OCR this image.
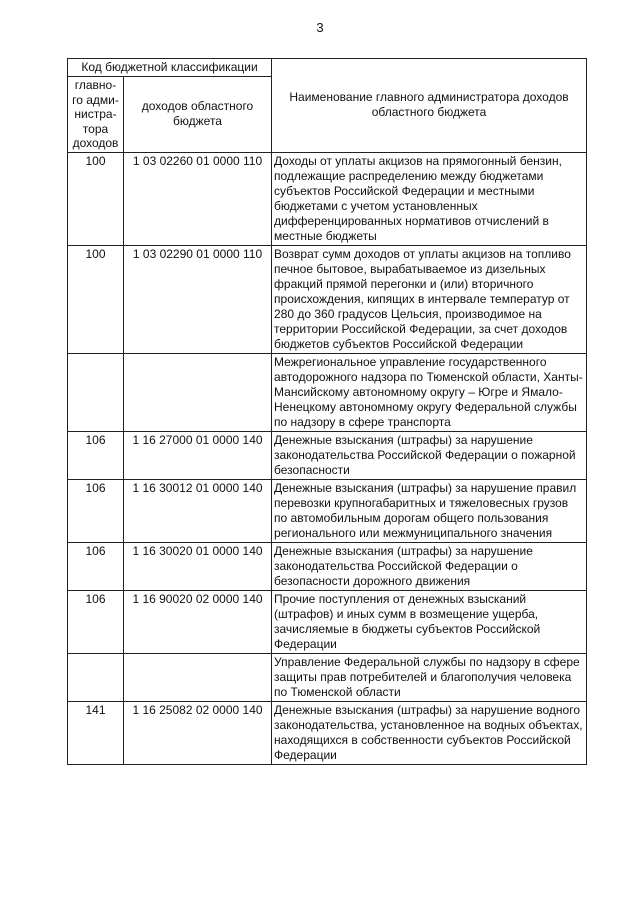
3
Код бюджетной классификации		Наименование главного администратора доходов областного бюджета
главно-
го адми-
нистра-
тора
доходов	доходов областного бюджета	
100	1 03 02260 01 0000 110	Доходы от уплаты акцизов на прямогонный бензин, подлежащие распределению между бюджетами субъектов Российской Федерации и местными бюджетами с учетом установленных дифференцированных нормативов отчислений в местные бюджеты
100	1 03 02290 01 0000 110	Возврат сумм доходов от уплаты акцизов на топливо печное бытовое, вырабатываемое из дизельных фракций прямой перегонки и (или) вторичного происхождения, кипящих в интервале температур от 280 до 360 градусов Цельсия, производимое на территории Российской Федерации, за счет доходов бюджетов субъектов Российской Федерации
		Межрегиональное управление государственного автодорожного надзора по Тюменской области, Ханты-Мансийскому автономному округу – Югре и Ямало-Ненецкому автономному округу Федеральной службы по надзору в сфере транспорта
106	1 16 27000 01 0000 140	Денежные взыскания (штрафы) за нарушение законодательства Российской Федерации о пожарной безопасности
106	1 16 30012 01 0000 140	Денежные взыскания (штрафы) за нарушение правил перевозки крупногабаритных и тяжеловесных грузов по автомобильным дорогам общего пользования регионального или межмуниципального значения
106	1 16 30020 01 0000 140	Денежные взыскания (штрафы) за нарушение законодательства Российской Федерации о безопасности дорожного движения
106	1 16 90020 02 0000 140	Прочие поступления от денежных взысканий (штрафов) и иных сумм в возмещение ущерба, зачисляемые в бюджеты субъектов Российской Федерации
		Управление Федеральной службы по надзору в сфере защиты прав потребителей и благополучия человека по Тюменской области
141	1 16 25082 02 0000 140	Денежные взыскания (штрафы) за нарушение водного законодательства, установленное на водных объектах, находящихся в собственности субъектов Российской Федерации
